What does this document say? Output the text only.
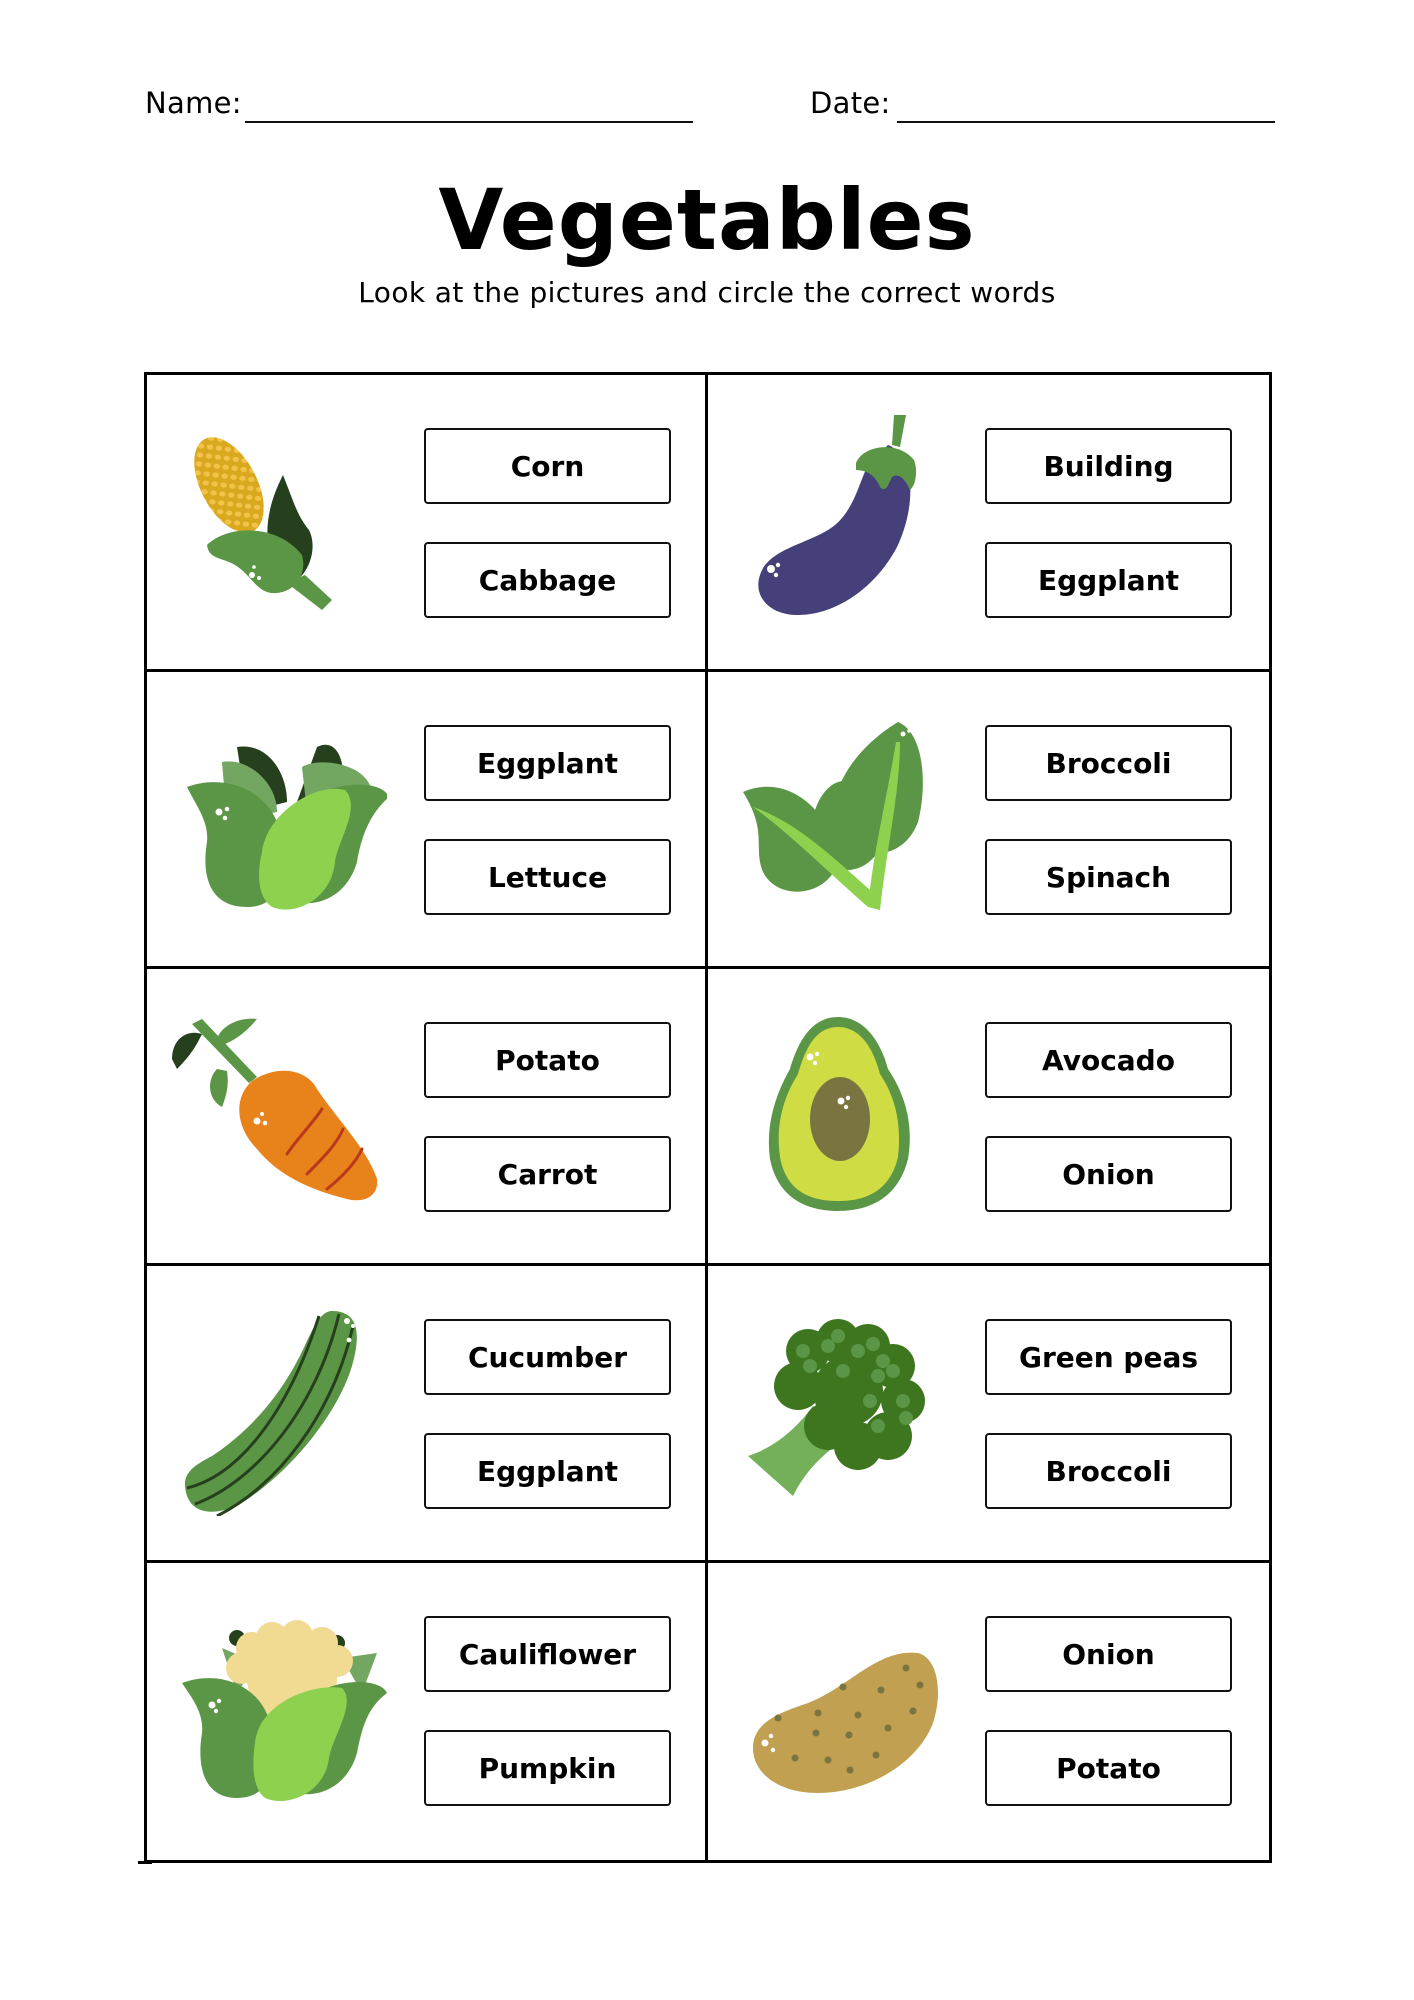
Name:	Date:
Vegetables
Look at the pictures and circle the correct words
Corn
Cabbage
Building
Eggplant
Eggplant
Lettuce
Broccoli
Spinach
Potato
Carrot
Avocado
Onion
Cucumber
Eggplant
Green peas
Broccoli
Cauliflower
Pumpkin
Onion
Potato
